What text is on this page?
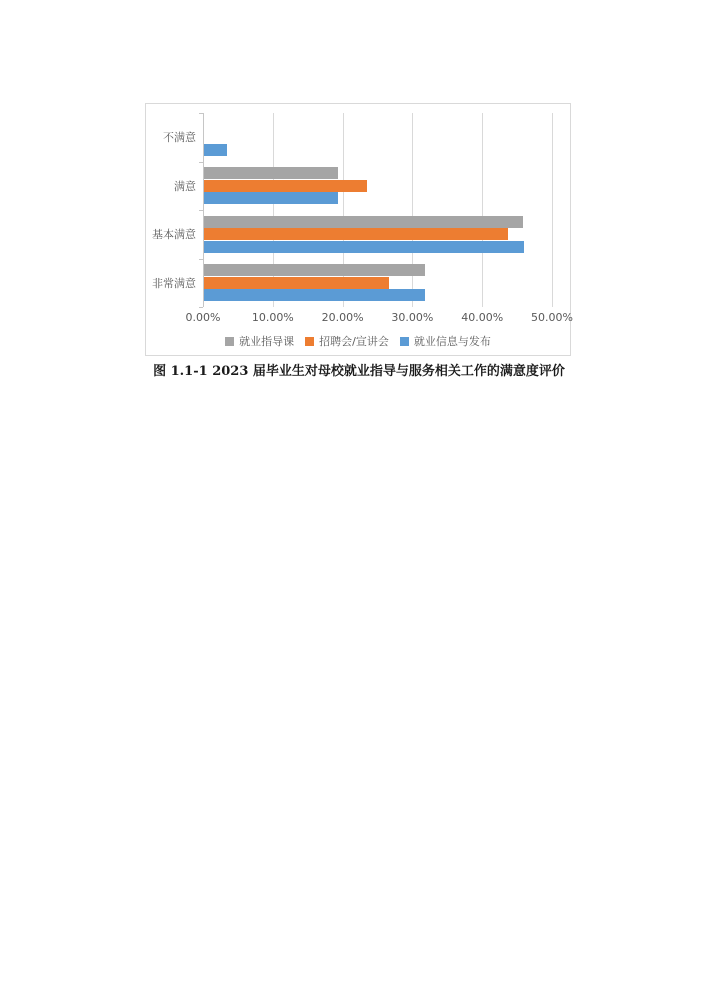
0.00%	10.00%	20.00%	30.00%	40.00%	50.00%
不满意
满意
基本满意
非常满意
就业指导课 招聘会/宣讲会 就业信息与发布
图 1.1-1 2023 届毕业生对母校就业指导与服务相关工作的满意度评价
